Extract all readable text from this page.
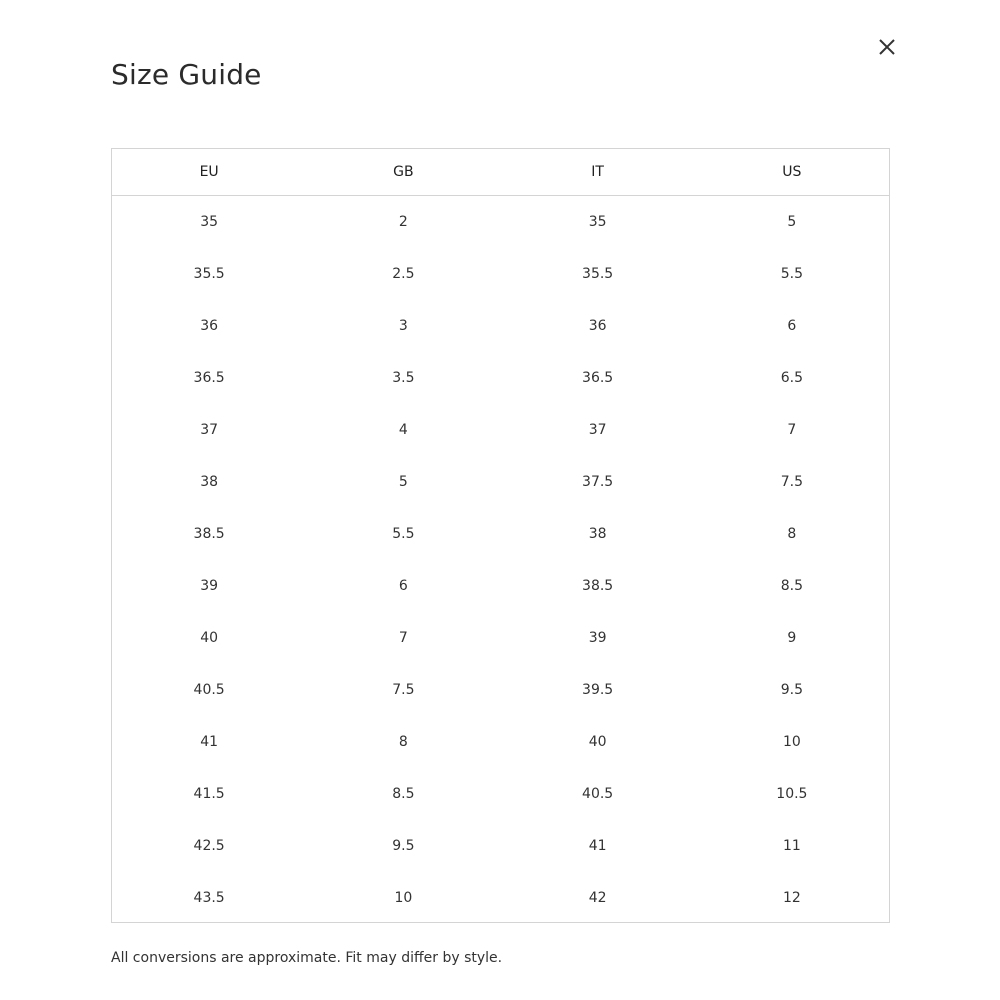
Size Guide
EU	GB	IT	US
35	2	35	5
35.5	2.5	35.5	5.5
36	3	36	6
36.5	3.5	36.5	6.5
37	4	37	7
38	5	37.5	7.5
38.5	5.5	38	8
39	6	38.5	8.5
40	7	39	9
40.5	7.5	39.5	9.5
41	8	40	10
41.5	8.5	40.5	10.5
42.5	9.5	41	11
43.5	10	42	12

All conversions are approximate. Fit may differ by style.
